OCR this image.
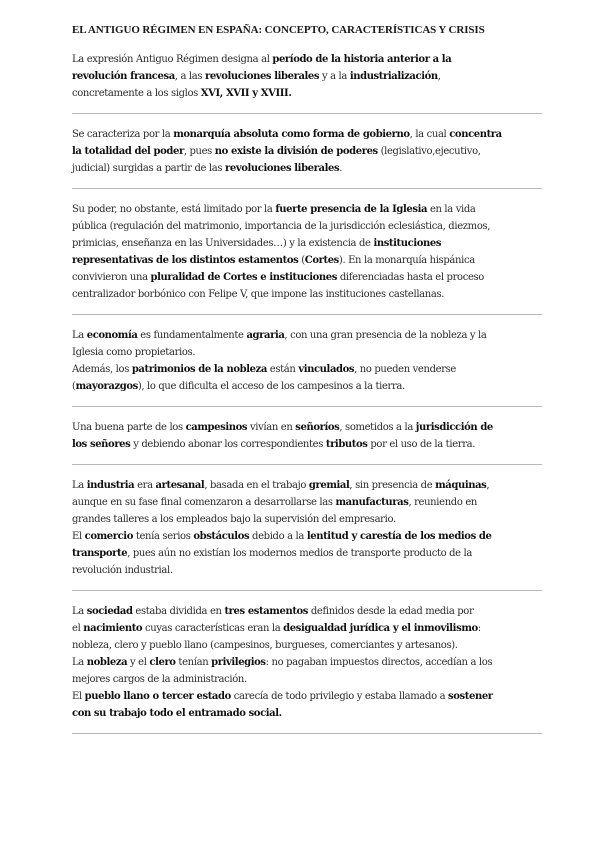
EL ANTIGUO RÉGIMEN EN ESPAÑA: CONCEPTO, CARACTERÍSTICAS Y CRISIS
La expresión Antiguo Régimen designa al período de la historia anterior a la
revolución francesa, a las revoluciones liberales y a la industrialización,
concretamente a los siglos XVI, XVII y XVIII.
Se caracteriza por la monarquía absoluta como forma de gobierno, la cual concentra
la totalidad del poder, pues no existe la división de poderes (legislativo,ejecutivo,
judicial) surgidas a partir de las revoluciones liberales.
Su poder, no obstante, está limitado por la fuerte presencia de la Iglesia en la vida
pública (regulación del matrimonio, importancia de la jurisdicción eclesiástica, diezmos,
primicias, enseñanza en las Universidades…) y la existencia de instituciones
representativas de los distintos estamentos (Cortes). En la monarquía hispánica
convivieron una pluralidad de Cortes e instituciones diferenciadas hasta el proceso
centralizador borbónico con Felipe V, que impone las instituciones castellanas.
La economía es fundamentalmente agraria, con una gran presencia de la nobleza y la
Iglesia como propietarios.
Además, los patrimonios de la nobleza están vinculados, no pueden venderse
(mayorazgos), lo que dificulta el acceso de los campesinos a la tierra.
Una buena parte de los campesinos vivían en señoríos, sometidos a la jurisdicción de
los señores y debiendo abonar los correspondientes tributos por el uso de la tierra.
La industria era artesanal, basada en el trabajo gremial, sin presencia de máquinas,
aunque en su fase final comenzaron a desarrollarse las manufacturas, reuniendo en
grandes talleres a los empleados bajo la supervisión del empresario.
El comercio tenía serios obstáculos debido a la lentitud y carestía de los medios de
transporte, pues aún no existían los modernos medios de transporte producto de la
revolución industrial.
La sociedad estaba dividida en tres estamentos definidos desde la edad media por
el nacimiento cuyas características eran la desigualdad jurídica y el inmovilismo:
nobleza, clero y pueblo llano (campesinos, burgueses, comerciantes y artesanos).
La nobleza y el clero tenían privilegios: no pagaban impuestos directos, accedían a los
mejores cargos de la administración.
El pueblo llano o tercer estado carecía de todo privilegio y estaba llamado a sostener
con su trabajo todo el entramado social.
